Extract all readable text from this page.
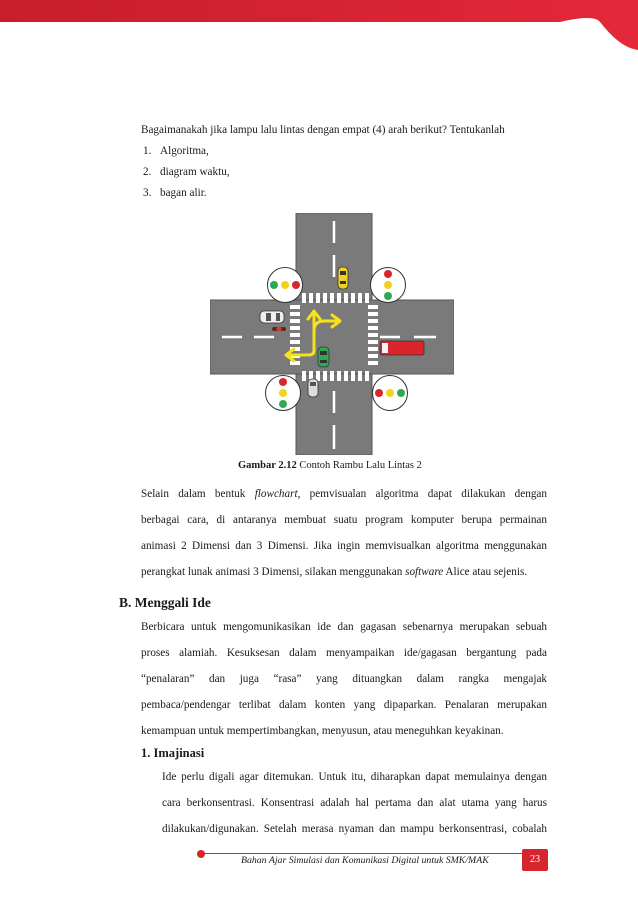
Bagaimanakah jika lampu lalu lintas dengan empat (4) arah berikut? Tentukanlah
1. Algoritma,
2. diagram waktu,
3. bagan alir.
Gambar 2.12 Contoh Rambu Lalu Lintas 2
Selain dalam bentuk flowchart, pemvisualan algoritma dapat dilakukan dengan
berbagai cara, di antaranya membuat suatu program komputer berupa permainan
animasi 2 Dimensi dan 3 Dimensi. Jika ingin memvisualkan algoritma menggunakan
perangkat lunak animasi 3 Dimensi, silakan menggunakan software Alice atau sejenis.
B. Menggali Ide
Berbicara untuk mengomunikasikan ide dan gagasan sebenarnya merupakan sebuah
proses alamiah. Kesuksesan dalam menyampaikan ide/gagasan bergantung pada
“penalaran” dan juga “rasa” yang dituangkan dalam rangka mengajak
pembaca/pendengar terlibat dalam konten yang dipaparkan. Penalaran merupakan
kemampuan untuk mempertimbangkan, menyusun, atau meneguhkan keyakinan.
1. Imajinasi
Ide perlu digali agar ditemukan. Untuk itu, diharapkan dapat memulainya dengan
cara berkonsentrasi. Konsentrasi adalah hal pertama dan alat utama yang harus
dilakukan/digunakan. Setelah merasa nyaman dan mampu berkonsentrasi, cobalah
Bahan Ajar Simulasi dan Komunikasi Digital untuk SMK/MAK	23
